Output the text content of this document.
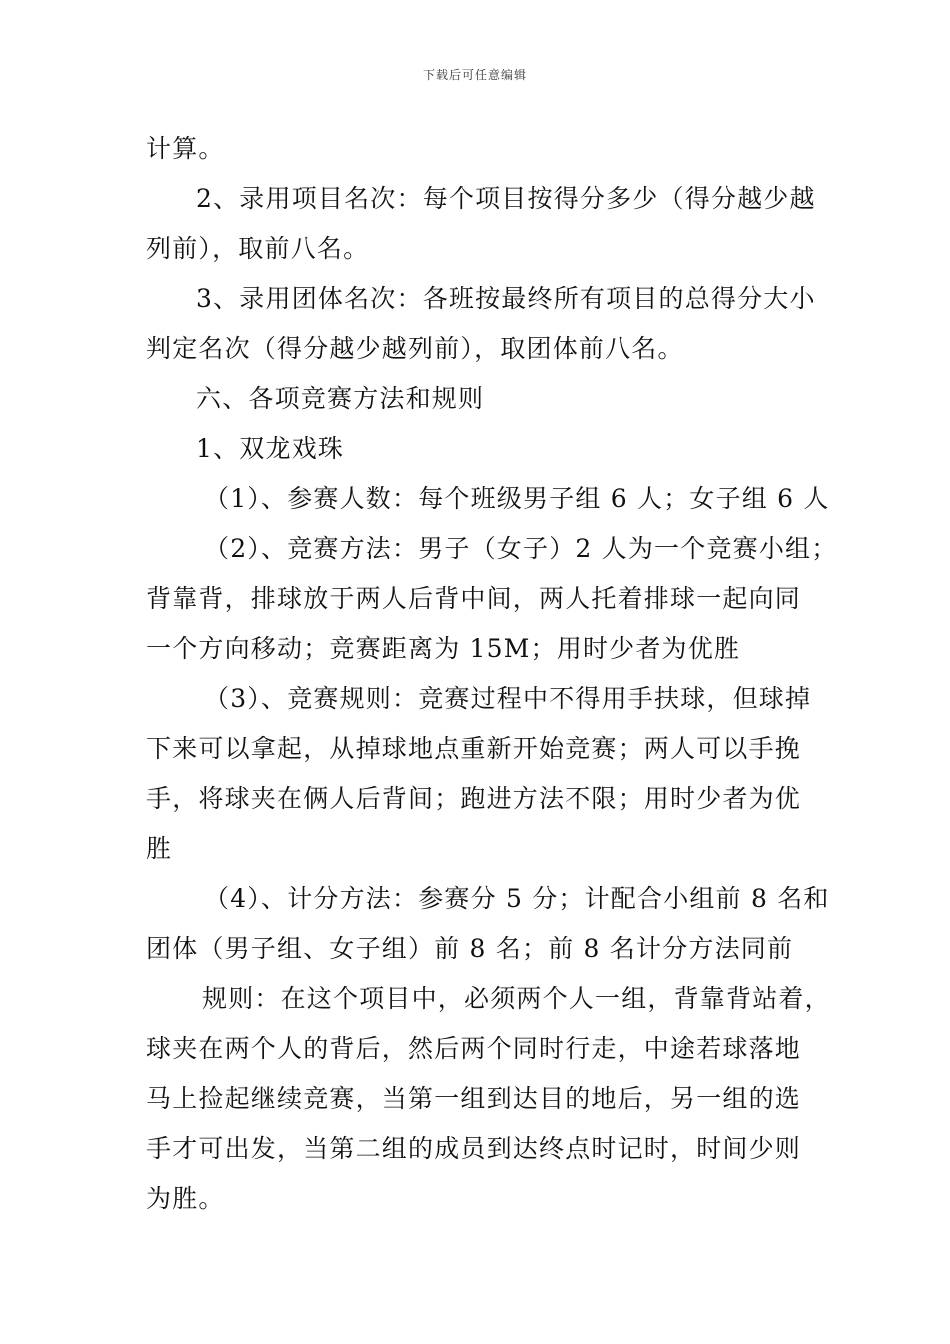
下载后可任意编辑
计算。
2、录用项目名次：每个项目按得分多少（得分越少越
列前），取前八名。
3、录用团体名次：各班按最终所有项目的总得分大小
判定名次（得分越少越列前），取团体前八名。
六、各项竞赛方法和规则
1、双龙戏珠
（1）、参赛人数：每个班级男子组 6 人；女子组 6 人
（2）、竞赛方法：男子（女子）2 人为一个竞赛小组；
背靠背，排球放于两人后背中间，两人托着排球一起向同
一个方向移动；竞赛距离为 15M；用时少者为优胜
（3）、竞赛规则：竞赛过程中不得用手扶球，但球掉
下来可以拿起，从掉球地点重新开始竞赛；两人可以手挽
手，将球夹在俩人后背间；跑进方法不限；用时少者为优
胜
（4）、计分方法：参赛分 5 分；计配合小组前 8 名和
团体（男子组、女子组）前 8 名；前 8 名计分方法同前
规则：在这个项目中，必须两个人一组，背靠背站着，
球夹在两个人的背后，然后两个同时行走，中途若球落地
马上捡起继续竞赛，当第一组到达目的地后，另一组的选
手才可出发，当第二组的成员到达终点时记时，时间少则
为胜。
